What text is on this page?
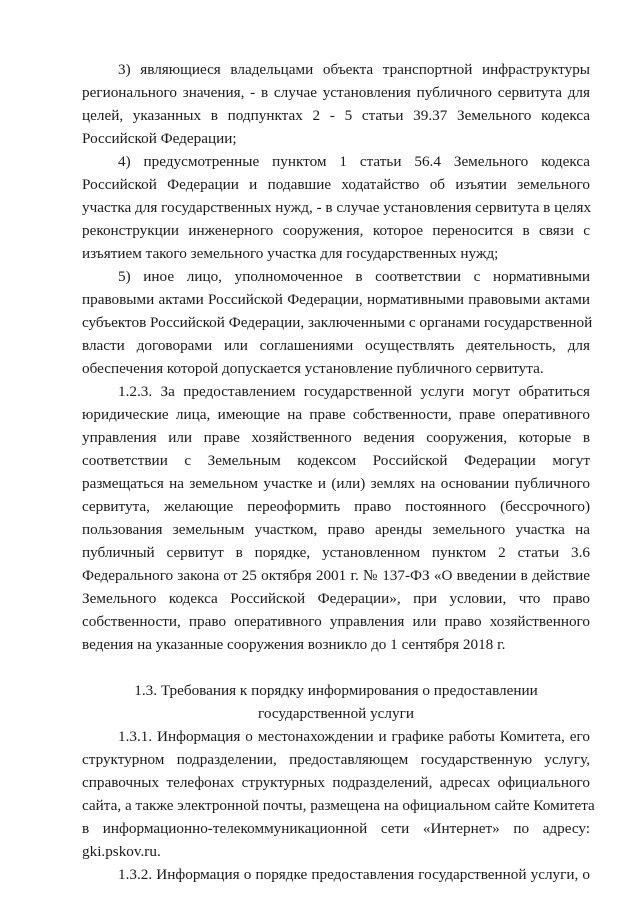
3) являющиеся владельцами объекта транспортной инфраструктуры
регионального значения, - в случае установления публичного сервитута для
целей, указанных в подпунктах 2 - 5 статьи 39.37 Земельного кодекса
Российской Федерации;
4) предусмотренные пунктом 1 статьи 56.4 Земельного кодекса
Российской Федерации и подавшие ходатайство об изъятии земельного
участка для государственных нужд, - в случае установления сервитута в целях
реконструкции инженерного сооружения, которое переносится в связи с
изъятием такого земельного участка для государственных нужд;
5) иное лицо, уполномоченное в соответствии с нормативными
правовыми актами Российской Федерации, нормативными правовыми актами
субъектов Российской Федерации, заключенными с органами государственной
власти договорами или соглашениями осуществлять деятельность, для
обеспечения которой допускается установление публичного сервитута.
1.2.3. За предоставлением государственной услуги могут обратиться
юридические лица, имеющие на праве собственности, праве оперативного
управления или праве хозяйственного ведения сооружения, которые в
соответствии с Земельным кодексом Российской Федерации могут
размещаться на земельном участке и (или) землях на основании публичного
сервитута, желающие переоформить право постоянного (бессрочного)
пользования земельным участком, право аренды земельного участка на
публичный сервитут в порядке, установленном пунктом 2 статьи 3.6
Федерального закона от 25 октября 2001 г. № 137-ФЗ «О введении в действие
Земельного кодекса Российской Федерации», при условии, что право
собственности, право оперативного управления или право хозяйственного
ведения на указанные сооружения возникло до 1 сентября 2018 г.
1.3. Требования к порядку информирования о предоставлении
государственной услуги
1.3.1. Информация о местонахождении и графике работы Комитета, его
структурном подразделении, предоставляющем государственную услугу,
справочных телефонах структурных подразделений, адресах официального
сайта, а также электронной почты, размещена на официальном сайте Комитета
в информационно-телекоммуникационной сети «Интернет» по адресу:
gki.pskov.ru.
1.3.2. Информация о порядке предоставления государственной услуги, о
